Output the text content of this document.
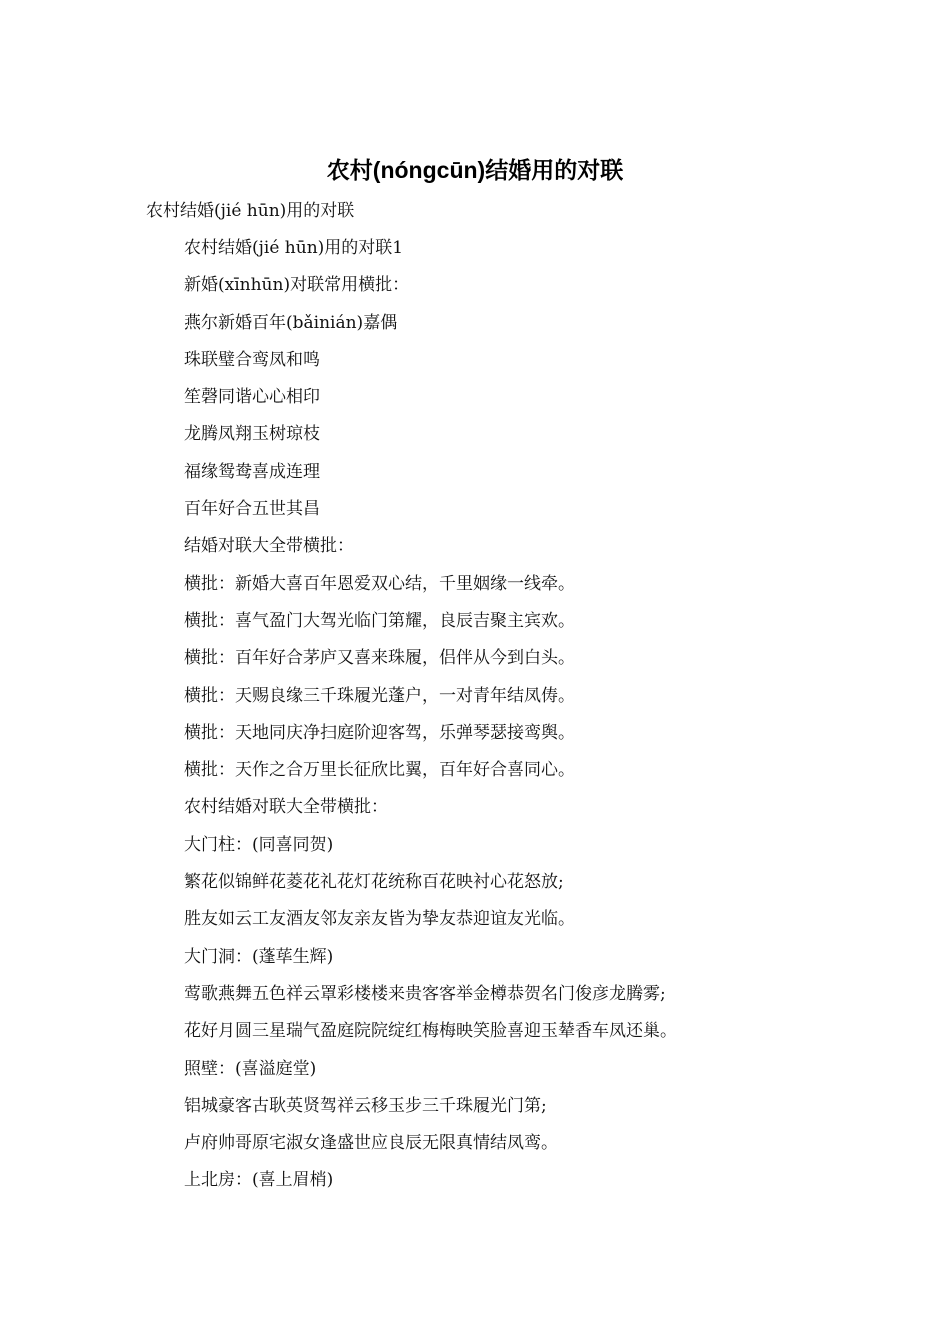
农村(nóngcūn)结婚用的对联
农村结婚(jié hūn)用的对联
农村结婚(jié hūn)用的对联1
新婚(xīnhūn)对联常用横批：
燕尔新婚百年(bǎinián)嘉偶
珠联璧合鸾凤和鸣
笙磬同谐心心相印
龙腾凤翔玉树琼枝
福缘鸳鸯喜成连理
百年好合五世其昌
结婚对联大全带横批：
横批：新婚大喜百年恩爱双心结，千里姻缘一线牵。
横批：喜气盈门大驾光临门第耀，良辰吉聚主宾欢。
横批：百年好合茅庐又喜来珠履，侣伴从今到白头。
横批：天赐良缘三千珠履光蓬户，一对青年结凤俦。
横批：天地同庆净扫庭阶迎客驾，乐弹琴瑟接鸾舆。
横批：天作之合万里长征欣比翼，百年好合喜同心。
农村结婚对联大全带横批：
大门柱：(同喜同贺)
繁花似锦鲜花菱花礼花灯花统称百花映衬心花怒放;
胜友如云工友酒友邻友亲友皆为挚友恭迎谊友光临。
大门洞：(蓬荜生辉)
莺歌燕舞五色祥云罩彩楼楼来贵客客举金樽恭贺名门俊彦龙腾雾;
花好月圆三星瑞气盈庭院院绽红梅梅映笑脸喜迎玉辇香车凤还巢。
照壁：(喜溢庭堂)
铝城豪客古耿英贤驾祥云移玉步三千珠履光门第;
卢府帅哥原宅淑女逢盛世应良辰无限真情结凤鸾。
上北房：(喜上眉梢)
